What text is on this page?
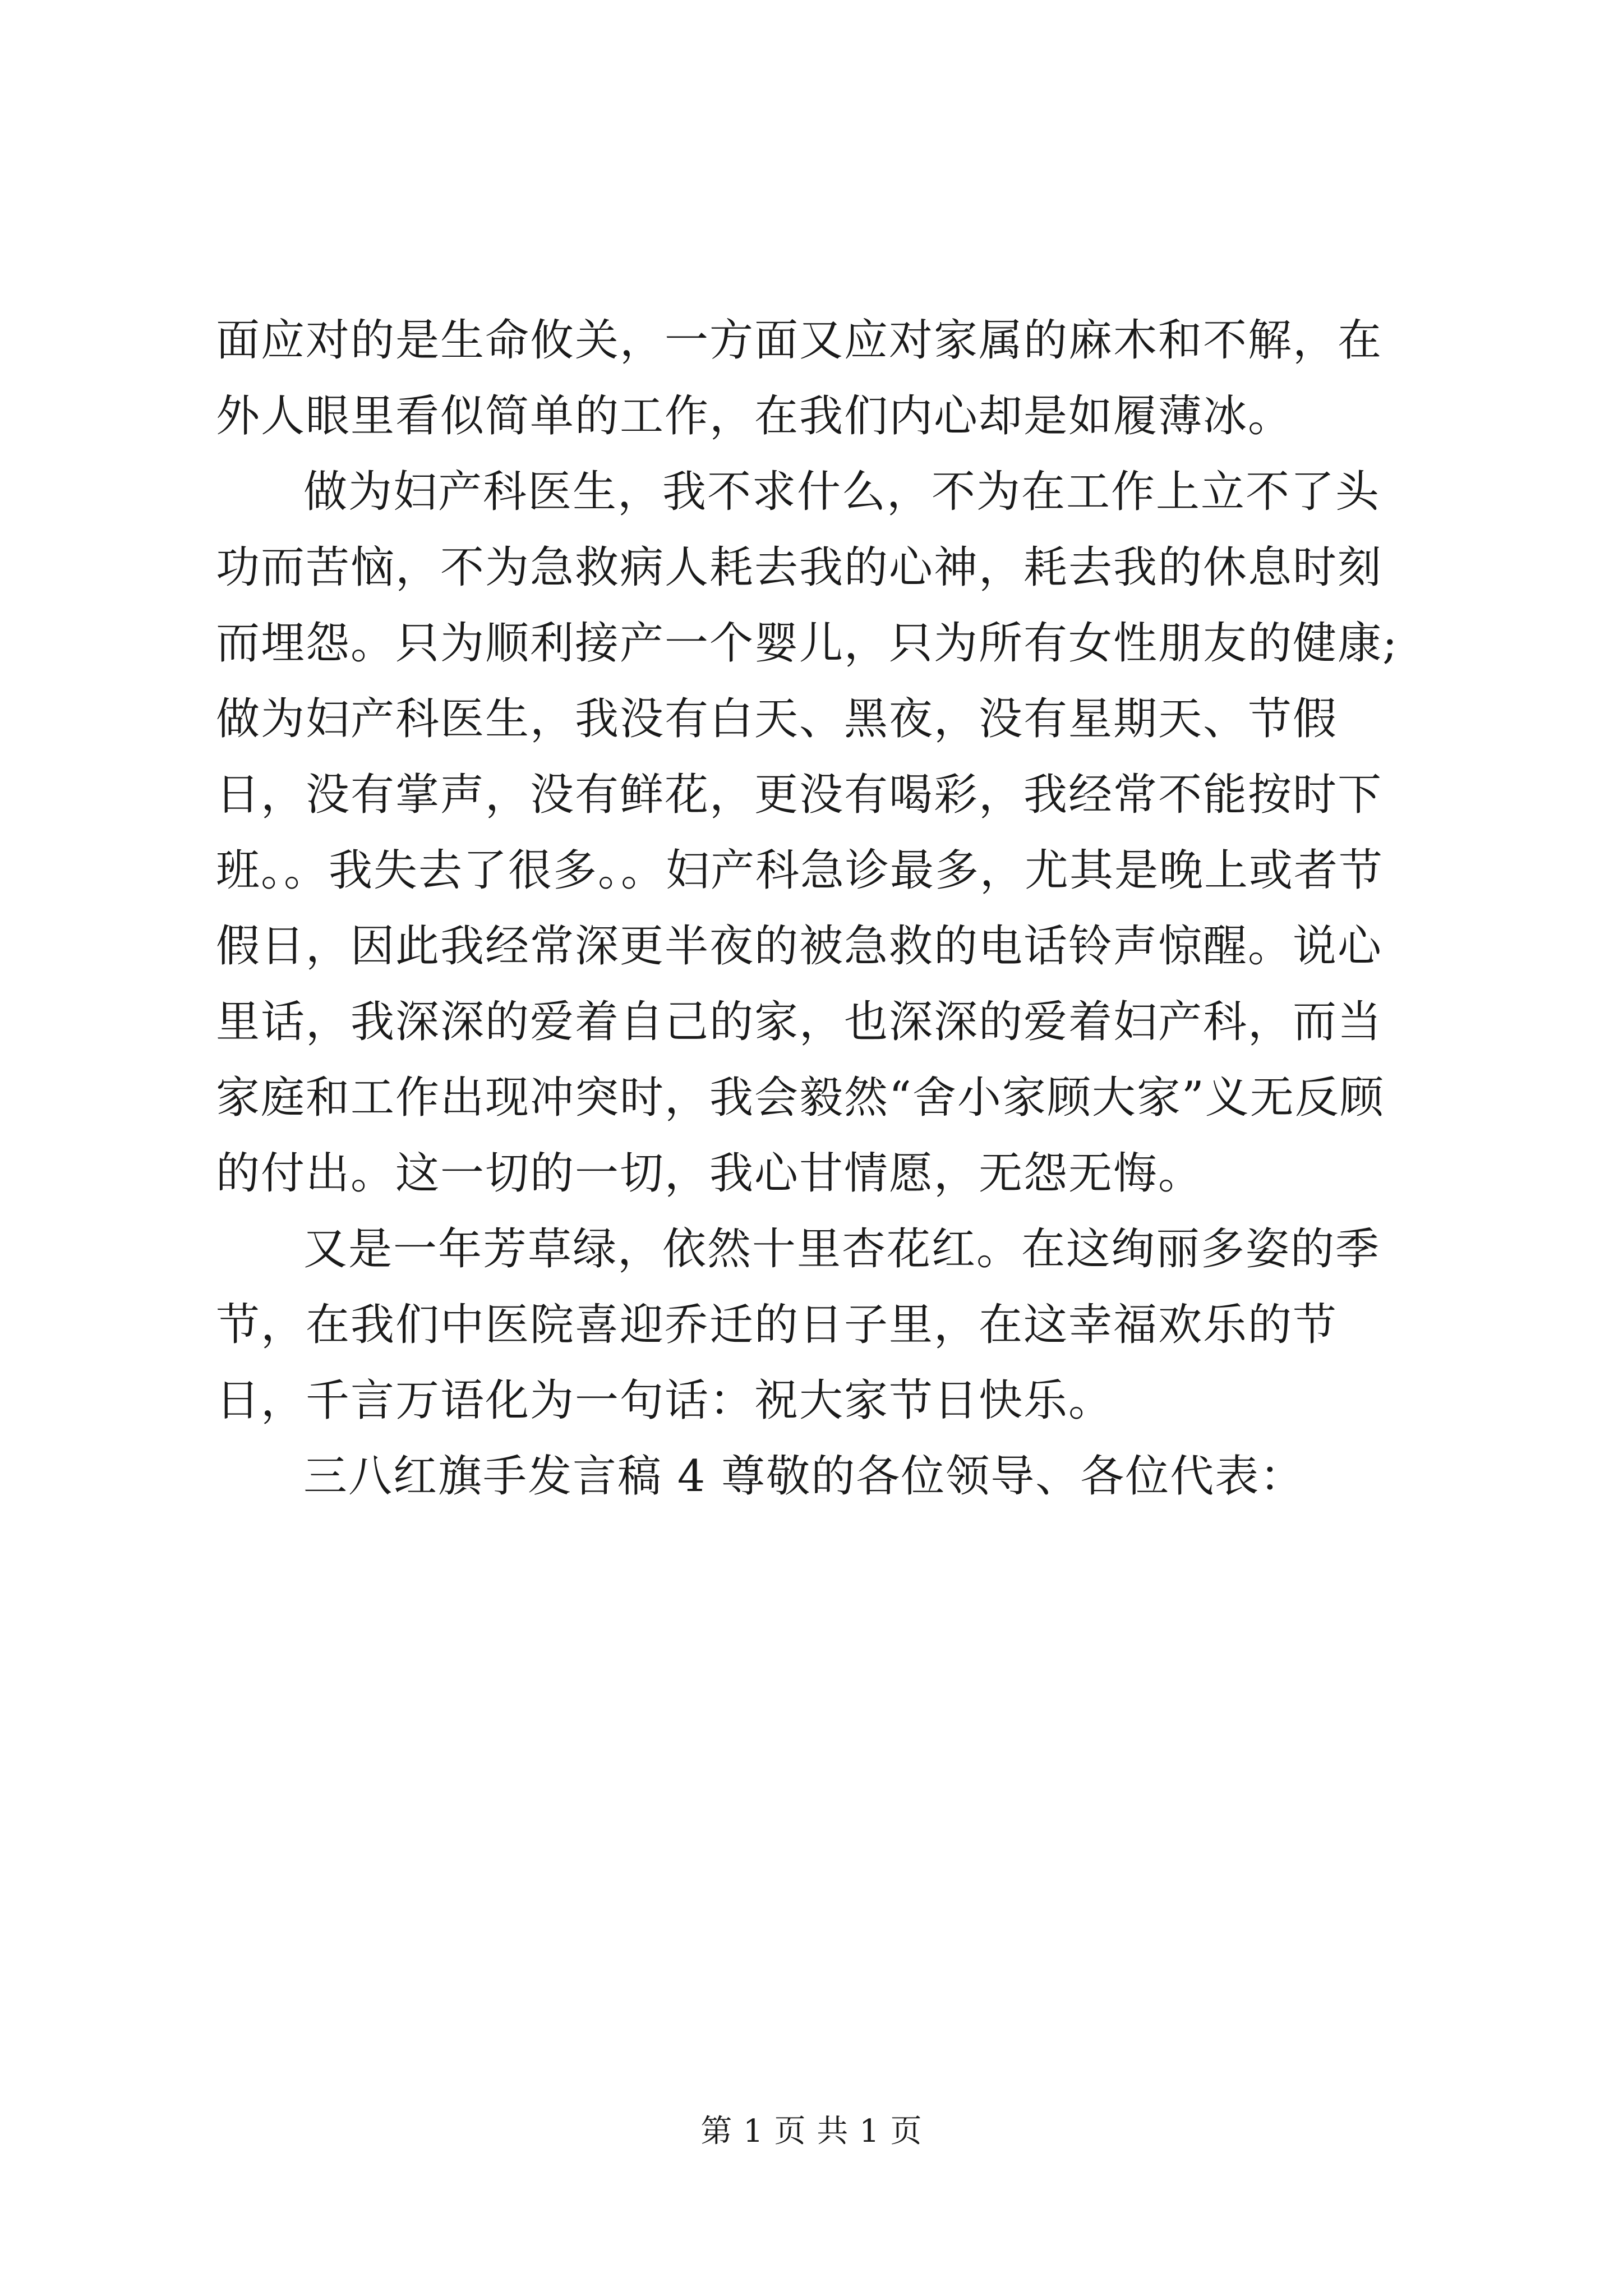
面应对的是生命攸关，一方面又应对家属的麻木和不解，在外人眼里看似简单的工作，在我们内心却是如履薄冰。

做为妇产科医生，我不求什么，不为在工作上立不了头功而苦恼，不为急救病人耗去我的心神，耗去我的休息时刻而埋怨。只为顺利接产一个婴儿，只为所有女性朋友的健康;做为妇产科医生，我没有白天、黑夜，没有星期天、节假日，没有掌声，没有鲜花，更没有喝彩，我经常不能按时下班。。我失去了很多。。妇产科急诊最多，尤其是晚上或者节假日，因此我经常深更半夜的被急救的电话铃声惊醒。说心里话，我深深的爱着自己的家，也深深的爱着妇产科，而当家庭和工作出现冲突时，我会毅然“舍小家顾大家”义无反顾的付出。这一切的一切，我心甘情愿，无怨无悔。

又是一年芳草绿，依然十里杏花红。在这绚丽多姿的季节，在我们中医院喜迎乔迁的日子里，在这幸福欢乐的节日，千言万语化为一句话：祝大家节日快乐。

三八红旗手发言稿 4 尊敬的各位领导、各位代表：

第 1 页 共 1 页
